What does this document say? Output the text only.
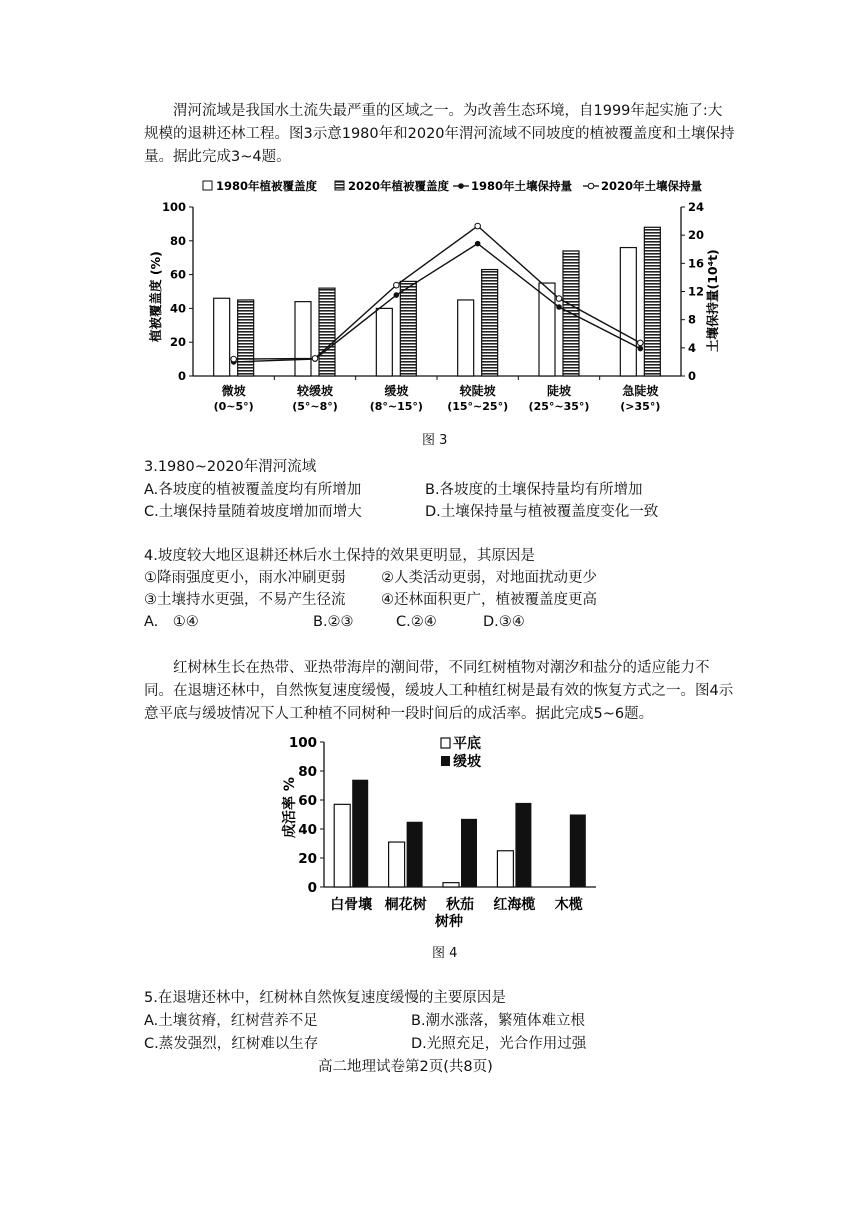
渭河流域是我国水土流失最严重的区域之一。为改善生态环境，自1999年起实施了:大规模的退耕还林工程。图3示意1980年和2020年渭河流域不同坡度的植被覆盖度和土壤保持量。据此完成3~4题。

1980年植被覆盖度	2020年植被覆盖度 1980年土壤保持量	2020年土壤保持量
100
80
60
40
20
0
24
20
16
12
8
4
0
微坡
(0~5°)
较缓坡
(5°~8°)
缓坡
(8°~15°)
较陡坡
(15°~25°)
陡坡
(25°~35°)
急陡坡
(>35°)
植被覆盖度 (%)	土壤保持量(10⁴t)
图 3
3.1980~2020年渭河流域
A.各坡度的植被覆盖度均有所增加	B.各坡度的土壤保持量均有所增加
C.土壤保持量随着坡度增加而增大	D.土壤保持量与植被覆盖度变化一致
4.坡度较大地区退耕还林后水土保持的效果更明显，其原因是
①降雨强度更小，雨水冲刷更弱 ②人类活动更弱，对地面扰动更少
③土壤持水更强，不易产生径流 ④还林面积更广，植被覆盖度更高
A.　①④	B.②③	C.②④	D.③④

红树林生长在热带、亚热带海岸的潮间带，不同红树植物对潮汐和盐分的适应能力不同。在退塘还林中，自然恢复速度缓慢，缓坡人工种植红树是最有效的恢复方式之一。图4示意平底与缓坡情况下人工种植不同树种一段时间后的成活率。据此完成5~6题。

平底
缓坡
100
80
60
40
20
0
白骨壤 桐花树 秋茄 红海榄 木榄
成活率 %
树种
图 4
5.在退塘还林中，红树林自然恢复速度缓慢的主要原因是
A.土壤贫瘠，红树营养不足	B.潮水涨落，繁殖体难立根
C.蒸发强烈，红树难以生存	D.光照充足，光合作用过强
高二地理试卷第2页(共8页)
